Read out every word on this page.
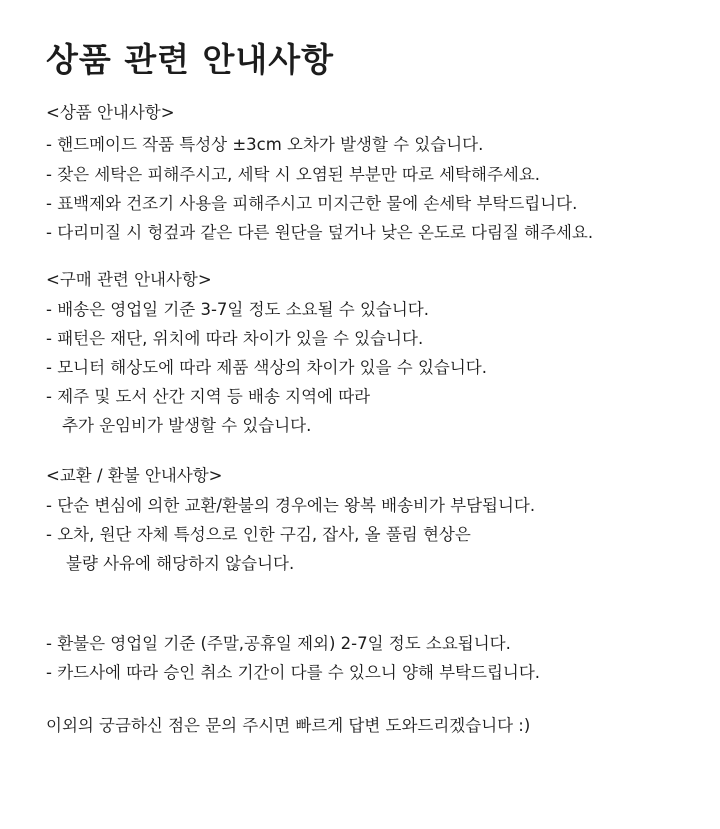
상품 관련 안내사항
<상품 안내사항>
- 핸드메이드 작품 특성상 ±3cm 오차가 발생할 수 있습니다.
- 잦은 세탁은 피해주시고, 세탁 시 오염된 부분만 따로 세탁해주세요.
- 표백제와 건조기 사용을 피해주시고 미지근한 물에 손세탁 부탁드립니다.
- 다리미질 시 헝겊과 같은 다른 원단을 덮거나 낮은 온도로 다림질 해주세요.
<구매 관련 안내사항>
- 배송은 영업일 기준 3-7일 정도 소요될 수 있습니다.
- 패턴은 재단, 위치에 따라 차이가 있을 수 있습니다.
- 모니터 해상도에 따라 제품 색상의 차이가 있을 수 있습니다.
- 제주 및 도서 산간 지역 등 배송 지역에 따라
추가 운임비가 발생할 수 있습니다.
<교환 / 환불 안내사항>
- 단순 변심에 의한 교환/환불의 경우에는 왕복 배송비가 부담됩니다.
- 오차, 원단 자체 특성으로 인한 구김, 잡사, 올 풀림 현상은
불량 사유에 해당하지 않습니다.
- 환불은 영업일 기준 (주말,공휴일 제외) 2-7일 정도 소요됩니다.
- 카드사에 따라 승인 취소 기간이 다를 수 있으니 양해 부탁드립니다.
이외의 궁금하신 점은 문의 주시면 빠르게 답변 도와드리겠습니다 :)
